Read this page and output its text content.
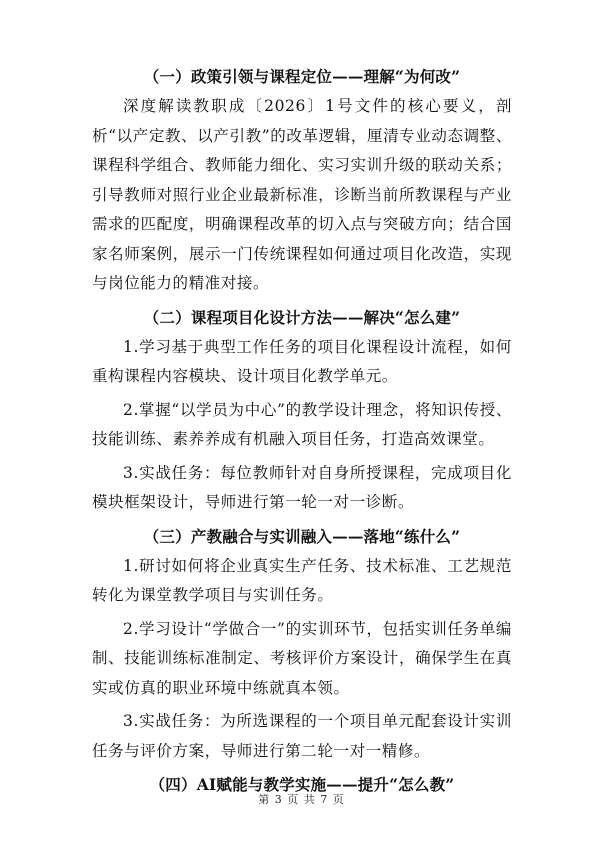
（一）政策引领与课程定位——理解“为何改”

深度解读教职成〔2026〕1号文件的核心要义，剖析“以产定教、以产引教”的改革逻辑，厘清专业动态调整、课程科学组合、教师能力细化、实习实训升级的联动关系；引导教师对照行业企业最新标准，诊断当前所教课程与产业需求的匹配度，明确课程改革的切入点与突破方向；结合国家名师案例，展示一门传统课程如何通过项目化改造，实现与岗位能力的精准对接。

（二）课程项目化设计方法——解决“怎么建”

1.学习基于典型工作任务的项目化课程设计流程，如何重构课程内容模块、设计项目化教学单元。

2.掌握“以学员为中心”的教学设计理念，将知识传授、技能训练、素养养成有机融入项目任务，打造高效课堂。

3.实战任务：每位教师针对自身所授课程，完成项目化模块框架设计，导师进行第一轮一对一诊断。

（三）产教融合与实训融入——落地“练什么”

1.研讨如何将企业真实生产任务、技术标准、工艺规范转化为课堂教学项目与实训任务。

2.学习设计“学做合一”的实训环节，包括实训任务单编制、技能训练标准制定、考核评价方案设计，确保学生在真实或仿真的职业环境中练就真本领。

3.实战任务：为所选课程的一个项目单元配套设计实训任务与评价方案，导师进行第二轮一对一精修。

（四）AI赋能与教学实施——提升“怎么教”
第 3 页 共 7 页
